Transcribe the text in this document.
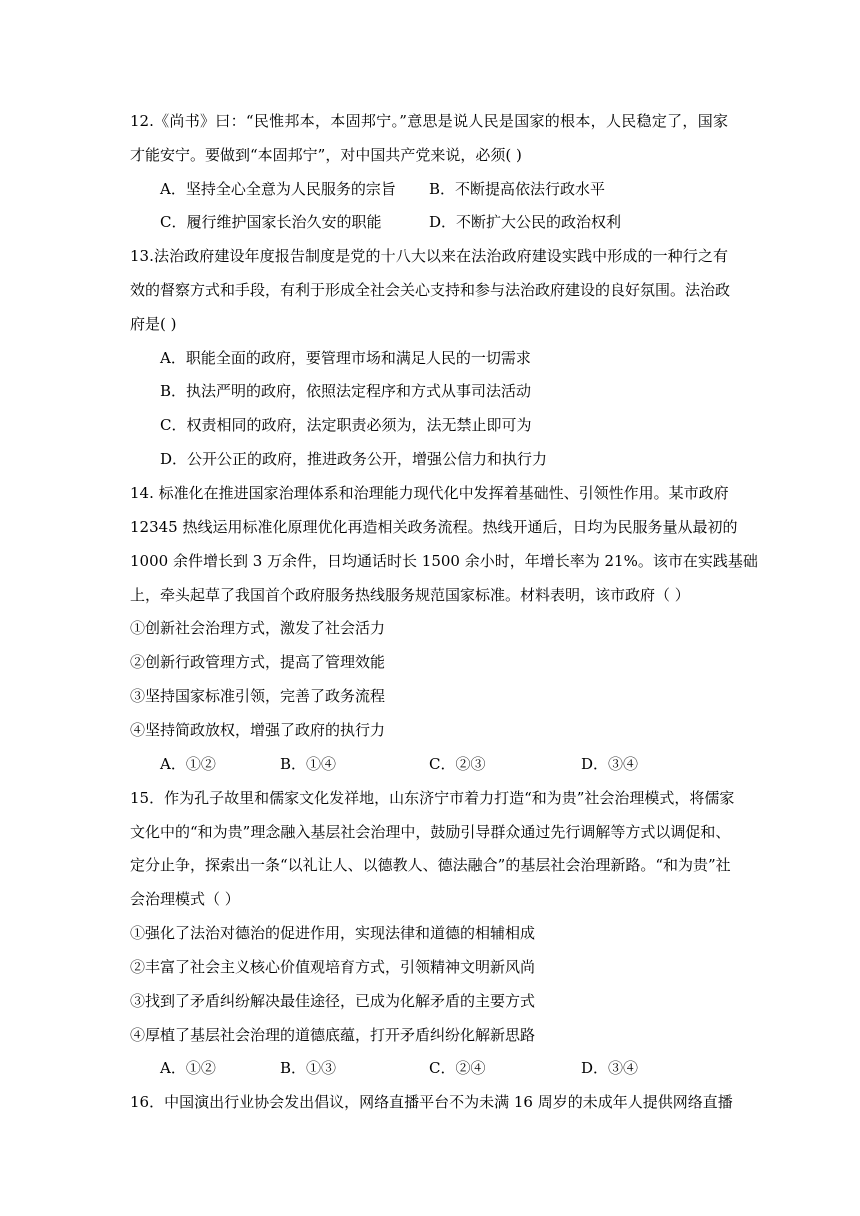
12.《尚书》曰：“民惟邦本，本固邦宁。”意思是说人民是国家的根本，人民稳定了，国家
才能安宁。要做到“本固邦宁”，对中国共产党来说，必须( )
A．坚持全心全意为人民服务的宗旨 B．不断提高依法行政水平
C．履行维护国家长治久安的职能	D．不断扩大公民的政治权利
13.法治政府建设年度报告制度是党的十八大以来在法治政府建设实践中形成的一种行之有
效的督察方式和手段，有利于形成全社会关心支持和参与法治政府建设的良好氛围。法治政
府是( )
A．职能全面的政府，要管理市场和满足人民的一切需求
B．执法严明的政府，依照法定程序和方式从事司法活动
C．权责相同的政府，法定职责必须为，法无禁止即可为
D．公开公正的政府，推进政务公开，增强公信力和执行力
14. 标准化在推进国家治理体系和治理能力现代化中发挥着基础性、引领性作用。某市政府
12345 热线运用标准化原理优化再造相关政务流程。热线开通后，日均为民服务量从最初的
1000 余件增长到 3 万余件，日均通话时长 1500 余小时，年增长率为 21%。该市在实践基础
上，牵头起草了我国首个政府服务热线服务规范国家标准。材料表明，该市政府（ ）
①创新社会治理方式，激发了社会活力
②创新行政管理方式，提高了管理效能
③坚持国家标准引领，完善了政务流程
④坚持简政放权，增强了政府的执行力
A．①②	B．①④	C．②③	D．③④
15．作为孔子故里和儒家文化发祥地，山东济宁市着力打造“和为贵”社会治理模式，将儒家
文化中的“和为贵”理念融入基层社会治理中，鼓励引导群众通过先行调解等方式以调促和、
定分止争，探索出一条“以礼让人、以德教人、德法融合”的基层社会治理新路。“和为贵”社
会治理模式（ ）
①强化了法治对德治的促进作用，实现法律和道德的相辅相成
②丰富了社会主义核心价值观培育方式，引领精神文明新风尚
③找到了矛盾纠纷解决最佳途径，已成为化解矛盾的主要方式
④厚植了基层社会治理的道德底蕴，打开矛盾纠纷化解新思路
A．①②	B．①③	C．②④	D．③④
16．中国演出行业协会发出倡议，网络直播平台不为未满 16 周岁的未成年人提供网络直播
